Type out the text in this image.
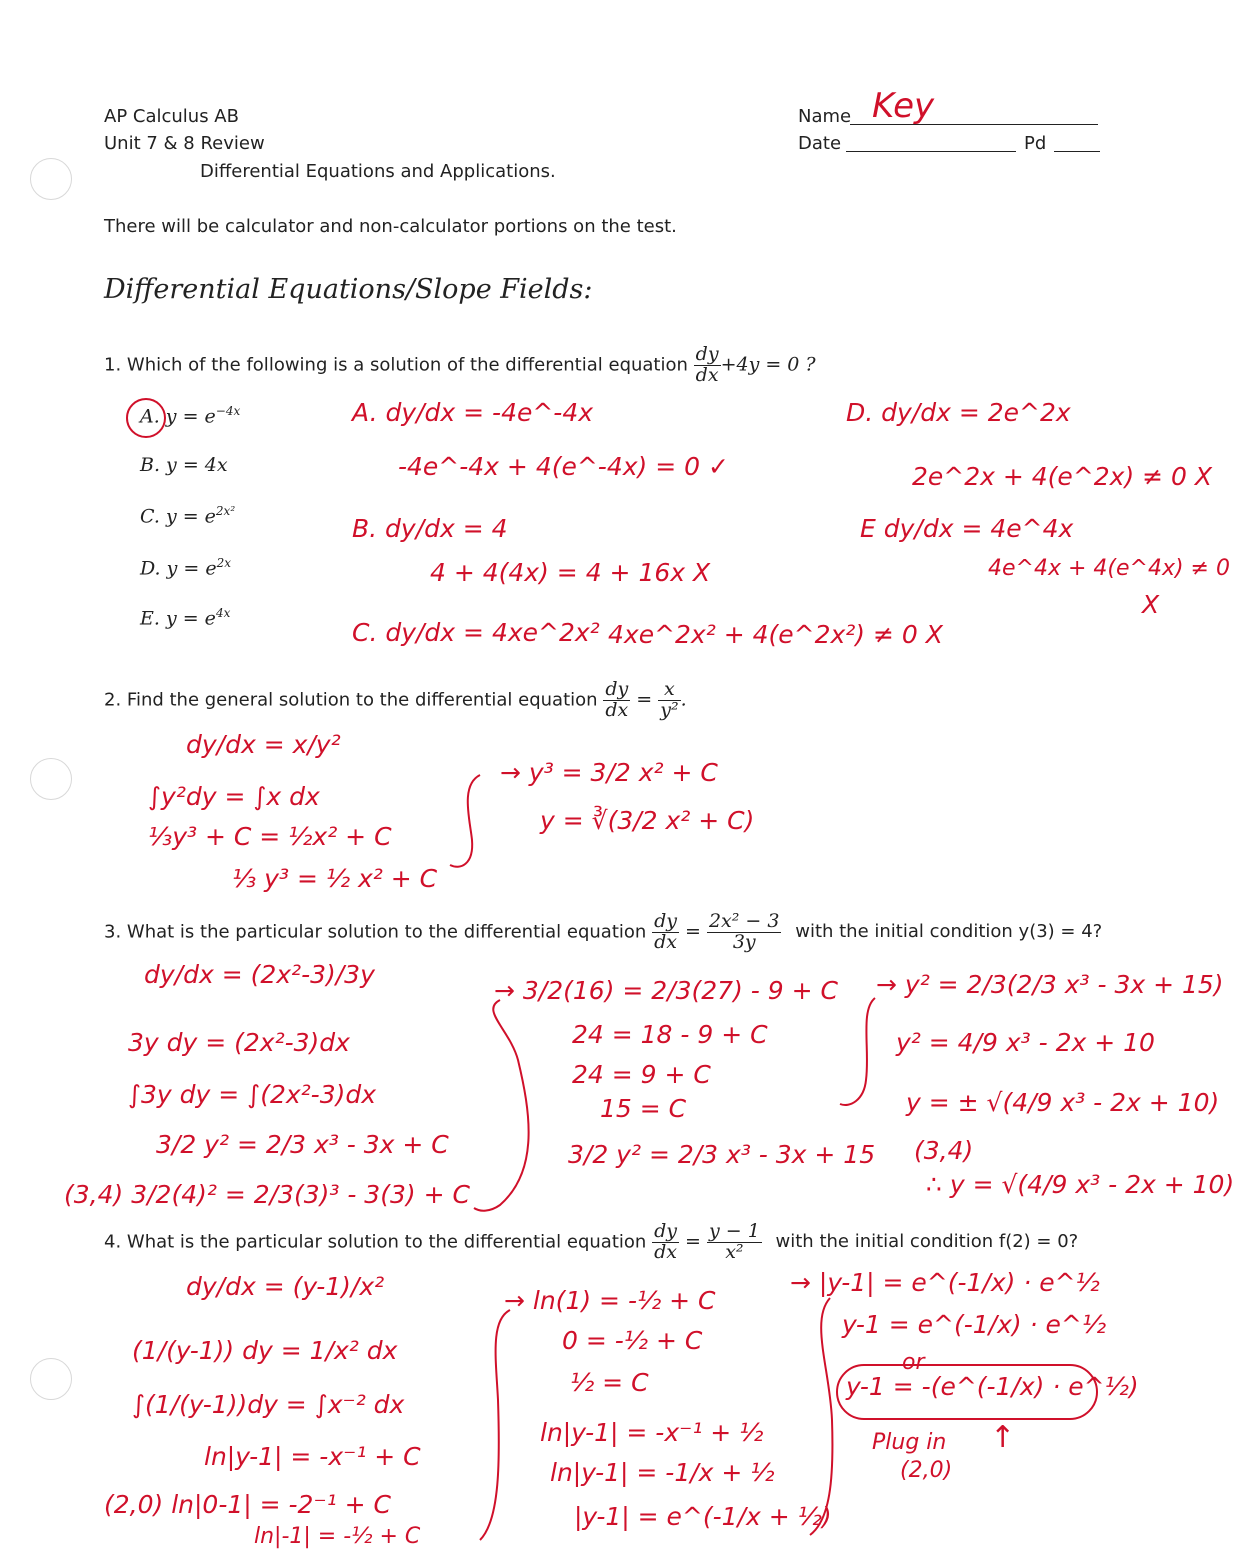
AP Calculus AB
Unit 7 & 8 Review
Differential Equations and Applications.
Name Key
Date	Pd
There will be calculator and non-calculator portions on the test.
Differential Equations/Slope Fields:
1. Which of the following is a solution of the differential equation $\frac{dy}{dx} +4y = 0$ ?
A. $y = e^{-4x}$
B. y = 4x
C. $y = e^{2x^2}$
D. $y = e^{2x}$
E. $y = e^{4x}$
A. dy/dx = -4e^-4x
-4e^-4x + 4(e^-4x) = 0 ✓
B. dy/dx = 4
4 + 4(4x) = 4 + 16x X
C. dy/dx = 4xe^2x² 4xe^2x² + 4(e^2x²) ≠ 0 X
D. dy/dx = 2e^2x
2e^2x + 4(e^2x) ≠ 0 X
E dy/dx = 4e^4x
4e^4x + 4(e^4x) ≠ 0
X
2. Find the general solution to the differential equation $\frac{dy}{dx} = \frac{x}{\text{y²}}$ .
dy/dx = x/y²
∫y²dy = ∫x dx
⅓y³ + C = ½x² + C
⅓ y³ = ½ x² + C
→ y³ = 3/2 x² + C
y = ∛(3/2 x² + C)
3. What is the particular solution to the differential equation $\frac{dy}{dx} = \frac{\text{2x² − 3}}{3y}$ with the initial condition y(3) = 4?
dy/dx = (2x²-3)/3y
3y dy = (2x²-3)dx
∫3y dy = ∫(2x²-3)dx
3/2 y² = 2/3 x³ - 3x + C
(3,4) 3/2(4)² = 2/3(3)³ - 3(3) + C
→ 3/2(16) = 2/3(27) - 9 + C
24 = 18 - 9 + C
24 = 9 + C
15 = C
3/2 y² = 2/3 x³ - 3x + 15
→ y² = 2/3(2/3 x³ - 3x + 15)
y² = 4/9 x³ - 2x + 10
y = ± √(4/9 x³ - 2x + 10)
(3,4)
∴ y = √(4/9 x³ - 2x + 10)
4. What is the particular solution to the differential equation $\frac{dy}{dx} = \frac{y - 1}{\text{x²}}$ with the initial condition f(2) = 0?
dy/dx = (y-1)/x²
(1/(y-1)) dy = 1/x² dx
∫(1/(y-1))dy = ∫x⁻² dx
ln|y-1| = -x⁻¹ + C
(2,0) ln|0-1| = -2⁻¹ + C
ln|-1| = -½ + C
→ ln(1) = -½ + C
0 = -½ + C
½ = C
ln|y-1| = -x⁻¹ + ½
ln|y-1| = -1/x + ½
|y-1| = e^(-1/x + ½)
→ |y-1| = e^(-1/x) · e^½
y-1 = e^(-1/x) · e^½
or
y-1 = -(e^(-1/x) · e^½)
Plug in
(2,0)
↑
